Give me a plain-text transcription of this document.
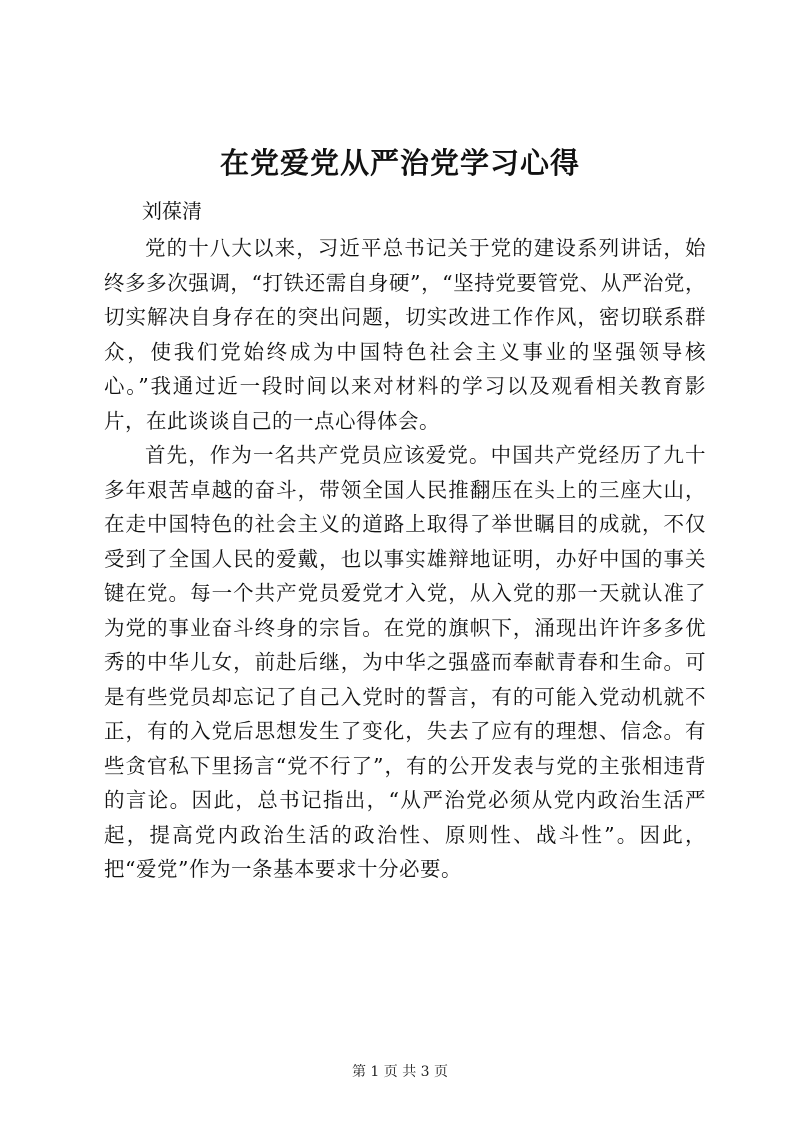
在党爱党从严治党学习心得
刘葆清

党的十八大以来，习近平总书记关于党的建设系列讲话，始终多多次强调，“打铁还需自身硬”，“坚持党要管党、从严治党，切实解决自身存在的突出问题，切实改进工作作风，密切联系群众，使我们党始终成为中国特色社会主义事业的坚强领导核心。”我通过近一段时间以来对材料的学习以及观看相关教育影片，在此谈谈自己的一点心得体会。

首先，作为一名共产党员应该爱党。中国共产党经历了九十多年艰苦卓越的奋斗，带领全国人民推翻压在头上的三座大山，在走中国特色的社会主义的道路上取得了举世瞩目的成就，不仅受到了全国人民的爱戴，也以事实雄辩地证明，办好中国的事关键在党。每一个共产党员爱党才入党，从入党的那一天就认准了为党的事业奋斗终身的宗旨。在党的旗帜下，涌现出许许多多优秀的中华儿女，前赴后继，为中华之强盛而奉献青春和生命。可是有些党员却忘记了自己入党时的誓言，有的可能入党动机就不正，有的入党后思想发生了变化，失去了应有的理想、信念。有些贪官私下里扬言“党不行了”，有的公开发表与党的主张相违背的言论。因此，总书记指出，“从严治党必须从党内政治生活严起，提高党内政治生活的政治性、原则性、战斗性”。因此，把“爱党”作为一条基本要求十分必要。

第 1 页 共 3 页
